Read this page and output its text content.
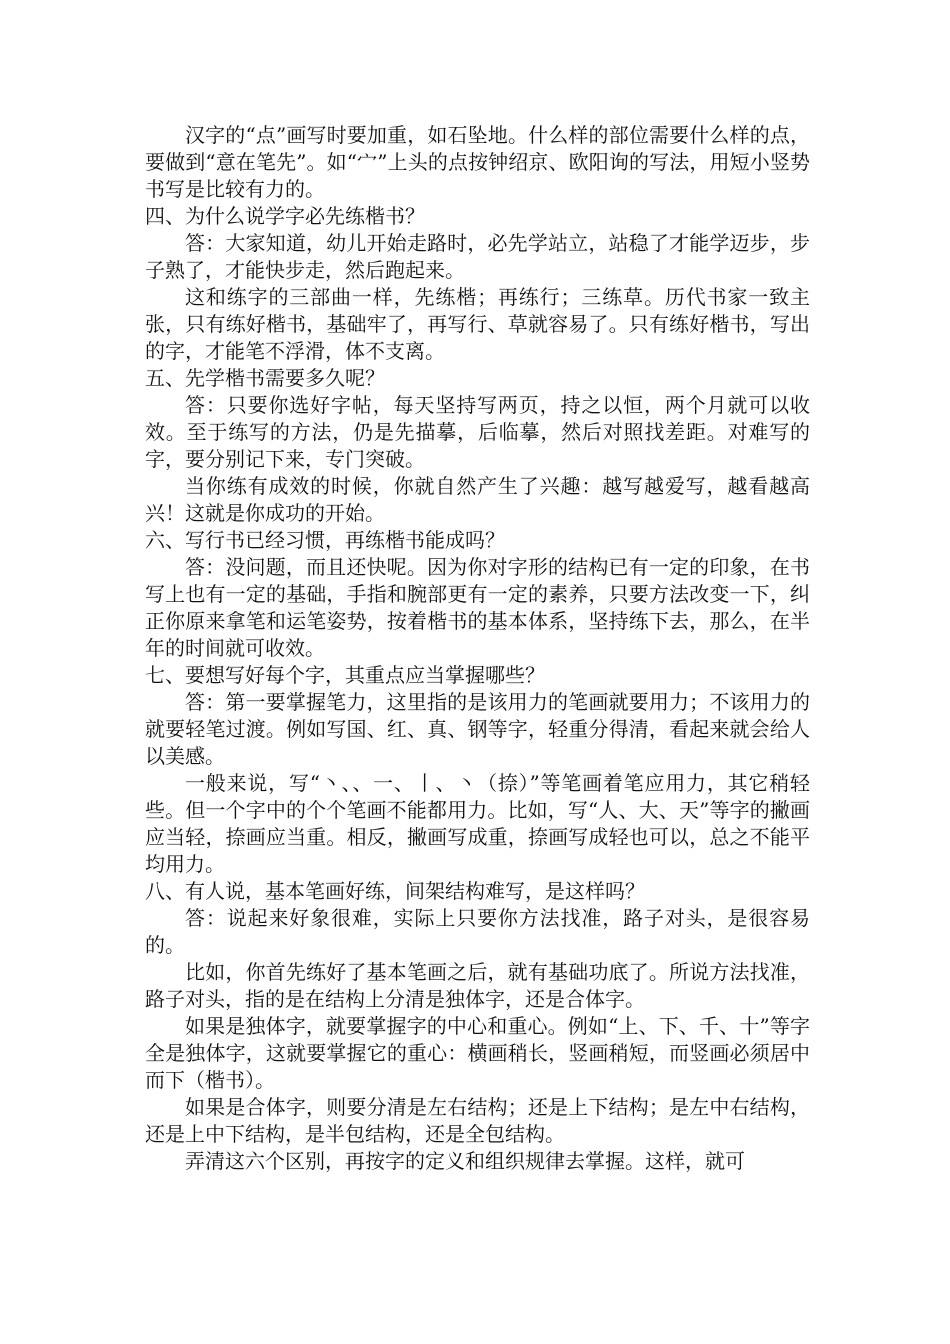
汉字的“点”画写时要加重，如石坠地。什么样的部位需要什么样的点，要做到“意在笔先”。如“宀”上头的点按钟绍京、欧阳询的写法，用短小竖势书写是比较有力的。

四、为什么说学字必先练楷书？

答：大家知道，幼儿开始走路时，必先学站立，站稳了才能学迈步，步子熟了，才能快步走，然后跑起来。

这和练字的三部曲一样，先练楷；再练行；三练草。历代书家一致主张，只有练好楷书，基础牢了，再写行、草就容易了。只有练好楷书，写出的字，才能笔不浮滑，体不支离。

五、先学楷书需要多久呢？

答：只要你选好字帖，每天坚持写两页，持之以恒，两个月就可以收效。至于练写的方法，仍是先描摹，后临摹，然后对照找差距。对难写的字，要分别记下来，专门突破。

当你练有成效的时候，你就自然产生了兴趣：越写越爱写，越看越高兴！这就是你成功的开始。

六、写行书已经习惯，再练楷书能成吗？

答：没问题，而且还快呢。因为你对字形的结构已有一定的印象，在书写上也有一定的基础，手指和腕部更有一定的素养，只要方法改变一下，纠正你原来拿笔和运笔姿势，按着楷书的基本体系，坚持练下去，那么，在半年的时间就可收效。

七、要想写好每个字，其重点应当掌握哪些？

答：第一要掌握笔力，这里指的是该用力的笔画就要用力；不该用力的就要轻笔过渡。例如写国、红、真、钢等字，轻重分得清，看起来就会给人以美感。

一般来说，写“丶、、一、丨、丶（捺）”等笔画着笔应用力，其它稍轻些。但一个字中的个个笔画不能都用力。比如，写“人、大、天”等字的撇画应当轻，捺画应当重。相反，撇画写成重，捺画写成轻也可以，总之不能平均用力。

八、有人说，基本笔画好练，间架结构难写，是这样吗？

答：说起来好象很难，实际上只要你方法找准，路子对头，是很容易的。

比如，你首先练好了基本笔画之后，就有基础功底了。所说方法找准，路子对头，指的是在结构上分清是独体字，还是合体字。

如果是独体字，就要掌握字的中心和重心。例如“上、下、千、十”等字全是独体字，这就要掌握它的重心：横画稍长，竖画稍短，而竖画必须居中而下（楷书）。

如果是合体字，则要分清是左右结构；还是上下结构；是左中右结构，还是上中下结构，是半包结构，还是全包结构。

弄清这六个区别，再按字的定义和组织规律去掌握。这样，就可
